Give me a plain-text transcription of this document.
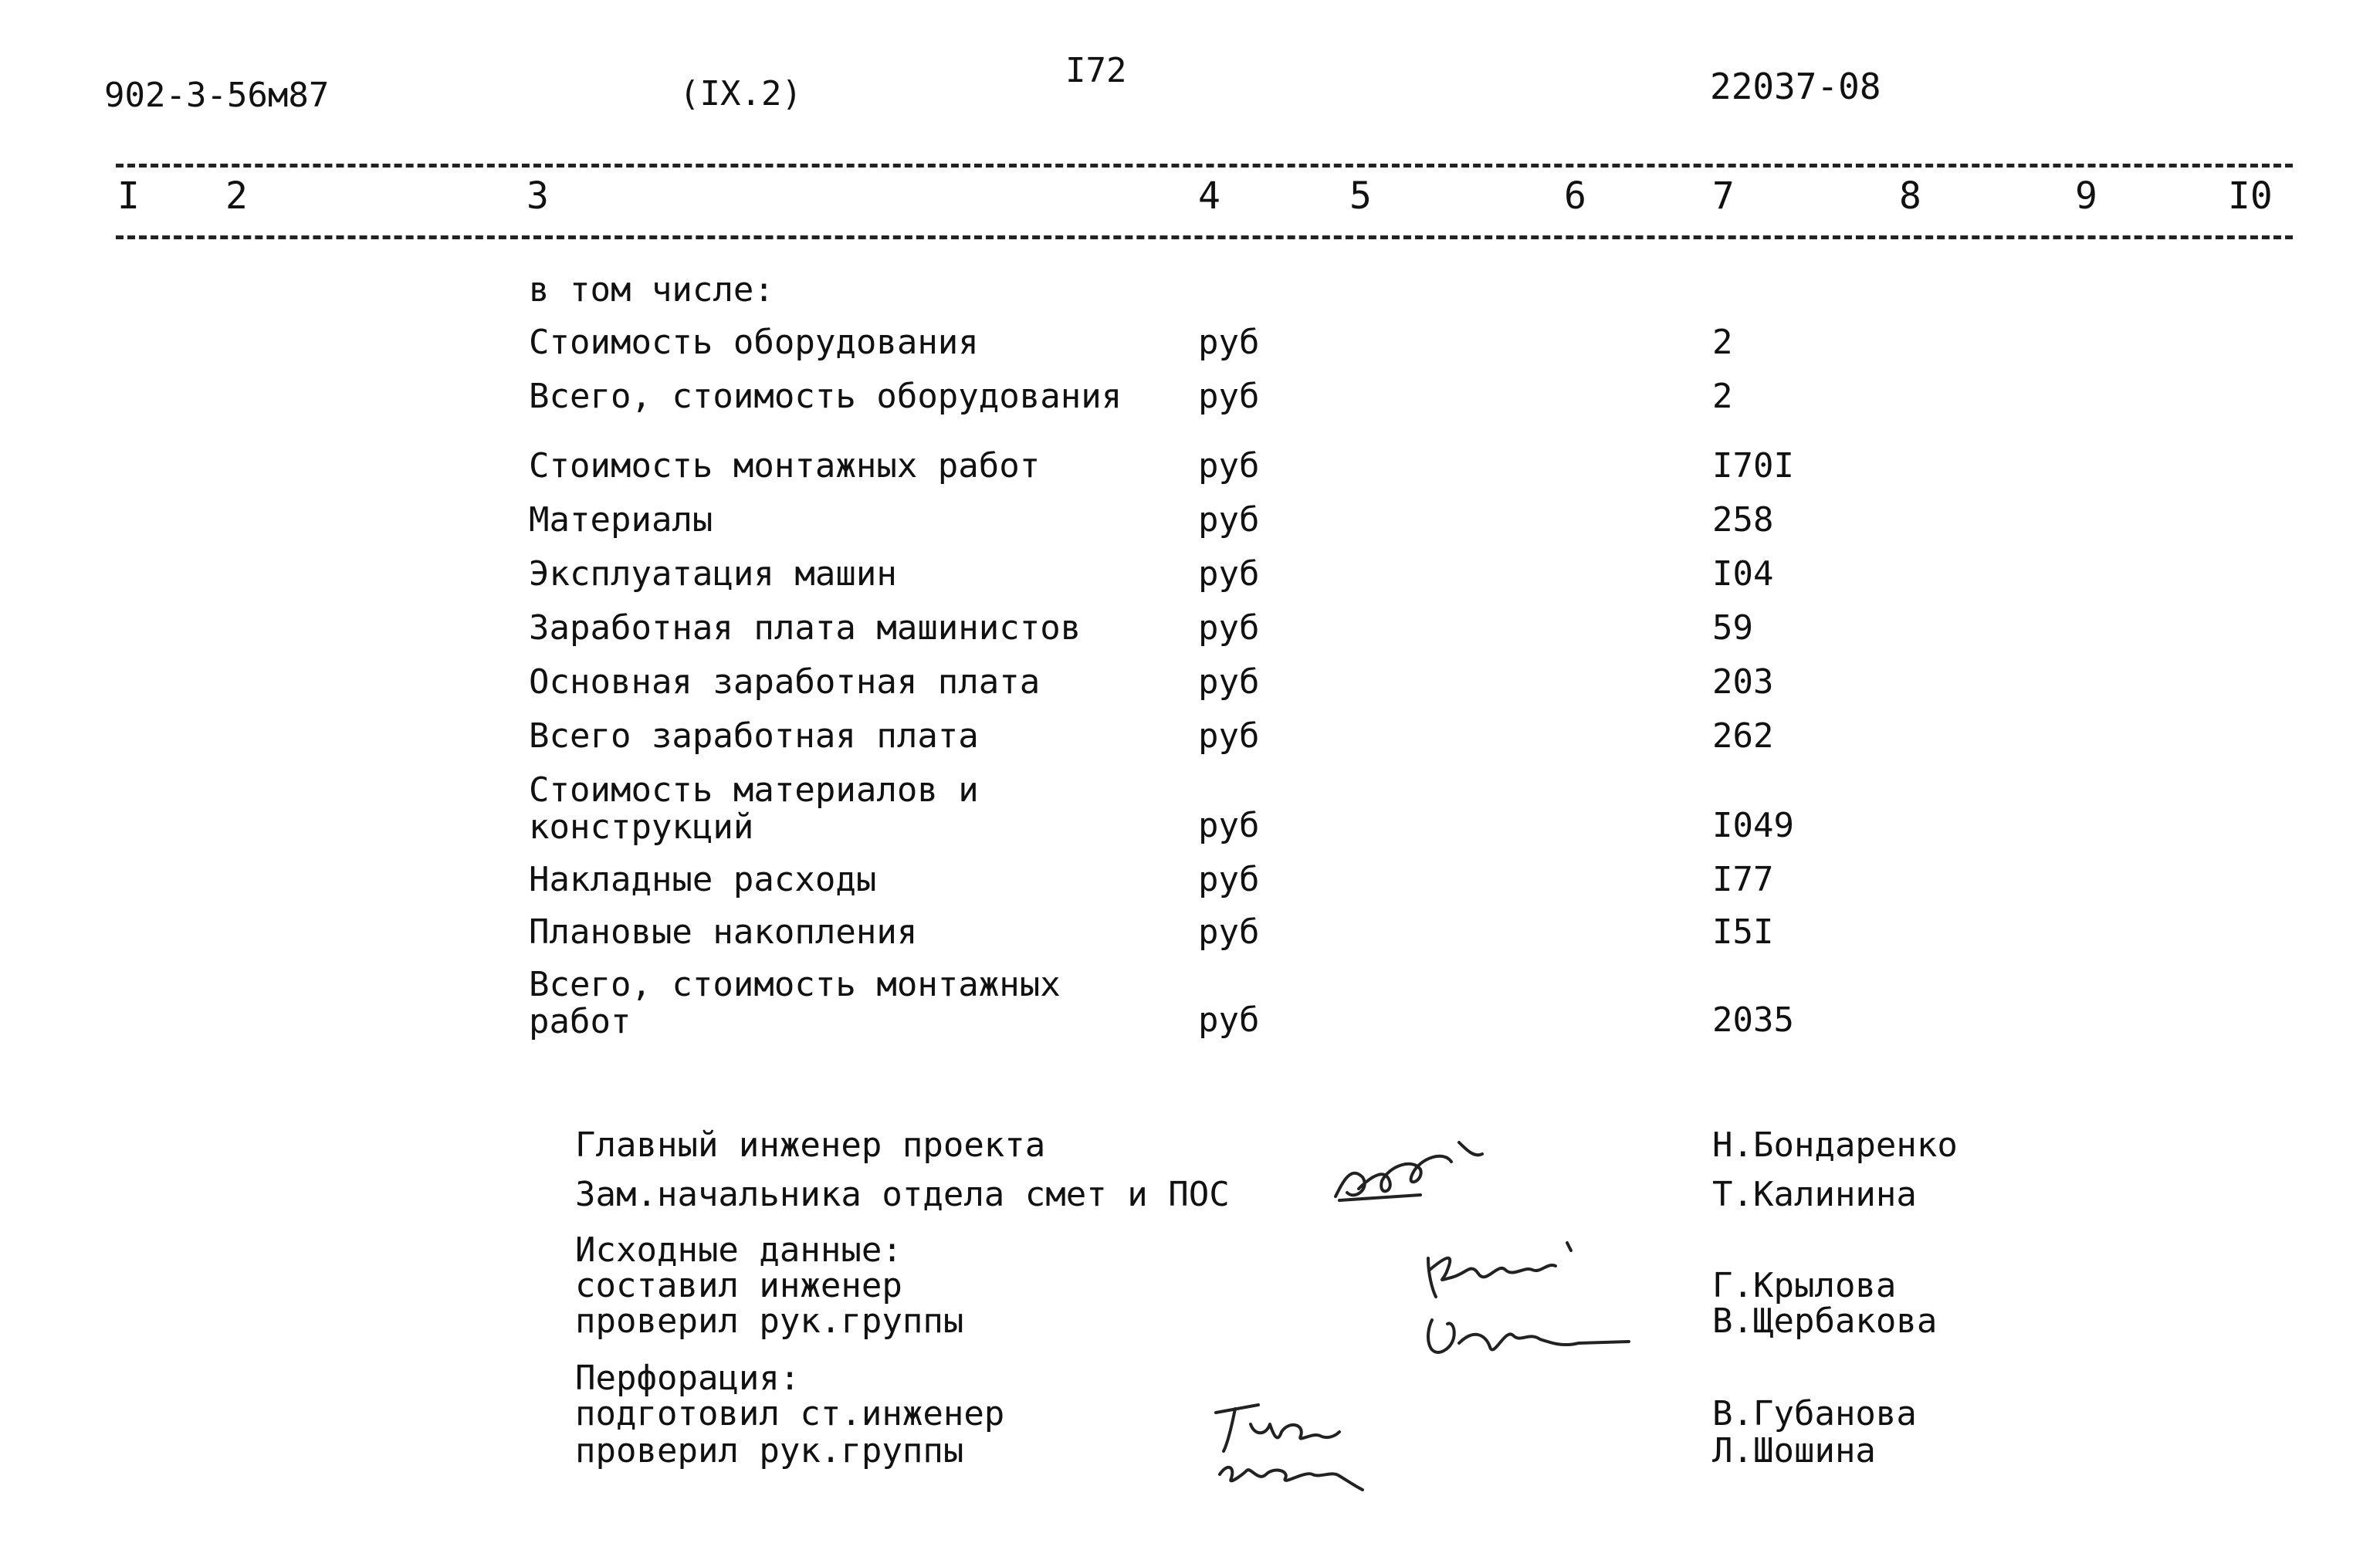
902-3-56м87	(IX.2)
I72	22037-08
I 2	3	4	5	6	7	8	9	I0
в том числе:
Стоимость оборудования	руб	2
Всего, стоимость оборудования руб	2
Стоимость монтажных работ	руб	I70I
Материалы	руб	258
Эксплуатация машин	руб	I04
Заработная плата машинистов	руб	59
Основная заработная плата	руб	203
Всего заработная плата	руб	262
Стоимость материалов и
конструкций	руб	I049
Накладные расходы	руб	I77
Плановые накопления	руб	I5I
Всего, стоимость монтажных
работ	руб	2035
Главный инженер проекта	Н.Бондаренко
Зам.начальника отдела смет и ПОС	Т.Калинина
Исходные данные:
составил инженер	Г.Крылова
проверил рук.группы	В.Щербакова
Перфорация:
подготовил ст.инженер	В.Губанова
проверил рук.группы	Л.Шошина
